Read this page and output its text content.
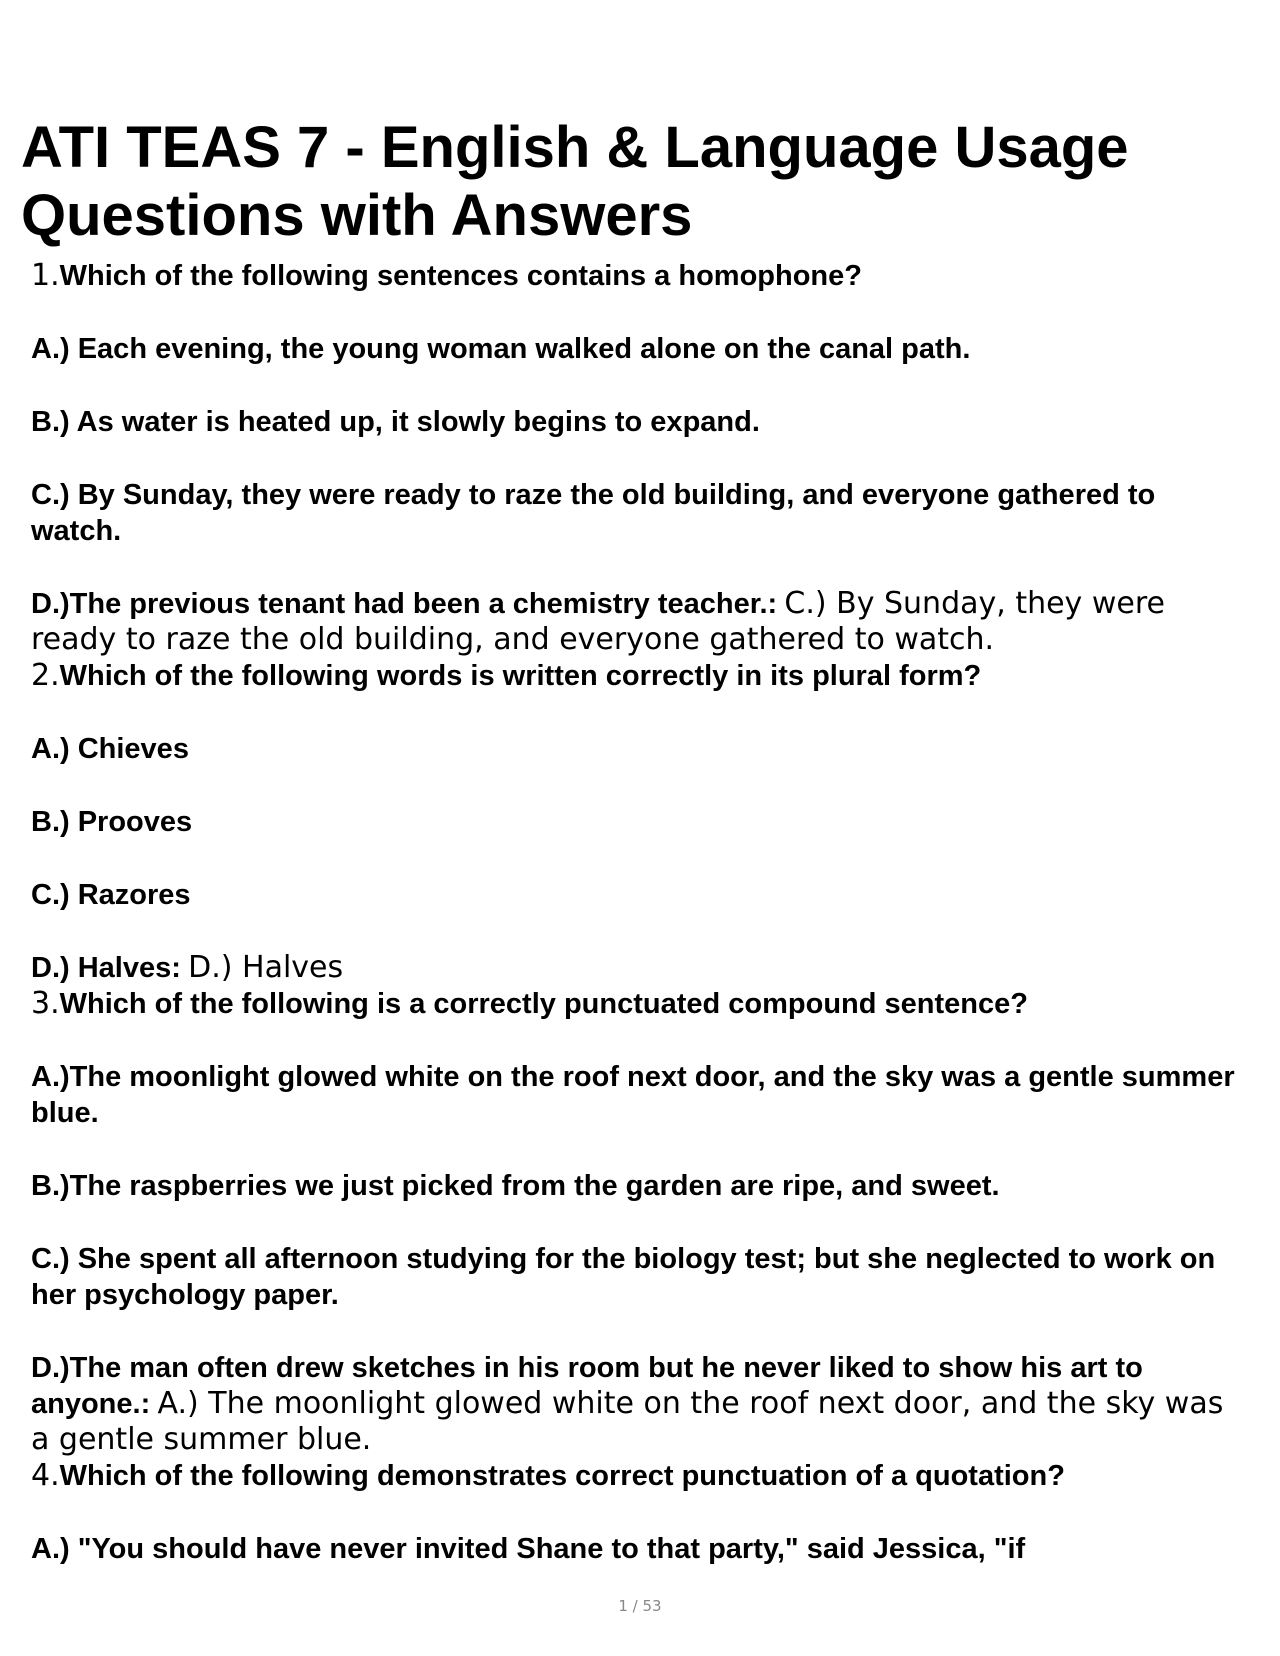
ATI TEAS 7 - English & Language Usage Questions with Answers

1.Which of the following sentences contains a homophone?

A.) Each evening, the young woman walked alone on the canal path.

B.) As water is heated up, it slowly begins to expand.

C.) By Sunday, they were ready to raze the old building, and everyone gathered to watch.

D.)The previous tenant had been a chemistry teacher.: C.) By Sunday, they were ready to raze the old building, and everyone gathered to watch.

2.Which of the following words is written correctly in its plural form?

A.) Chieves

B.) Prooves

C.) Razores

D.) Halves: D.) Halves

3.Which of the following is a correctly punctuated compound sentence?

A.)The moonlight glowed white on the roof next door, and the sky was a gentle summer blue.

B.)The raspberries we just picked from the garden are ripe, and sweet.

C.) She spent all afternoon studying for the biology test; but she neglected to work on her psychology paper.

D.)The man often drew sketches in his room but he never liked to show his art to anyone.: A.) The moonlight glowed white on the roof next door, and the sky was a gentle summer blue.

4.Which of the following demonstrates correct punctuation of a quotation?

A.) "You should have never invited Shane to that party," said Jessica, "if

1 / 53
